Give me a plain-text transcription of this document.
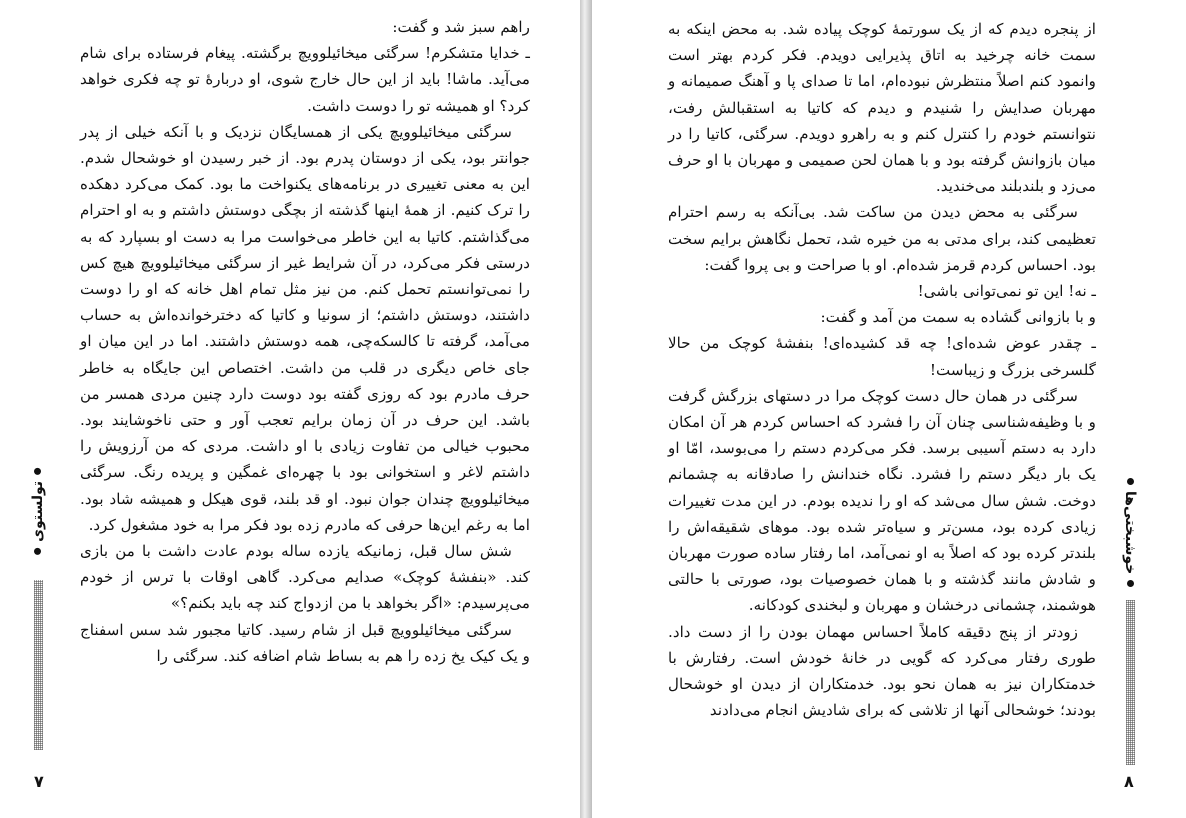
راهم سبز شد و گفت:

ـ خدایا متشکرم! سرگئی میخائیلوویچ برگشته. پیغام فرستاده برای شام می‌آید. ماشا! باید از این حال خارج شوی، او دربارهٔ تو چه فکری خواهد کرد؟ او همیشه تو را دوست داشت.

سرگئی میخائیلوویچ یکی از همسایگان نزدیک و با آنکه خیلی از پدر جوانتر بود، یکی از دوستان پدرم بود. از خبر رسیدن او خوشحال شدم. این به معنی تغییری در برنامه‌های یکنواخت ما بود. کمک می‌کرد دهکده را ترک کنیم. از همهٔ اینها گذشته از بچگی دوستش داشتم و به او احترام می‌گذاشتم. کاتیا به این خاطر می‌خواست مرا به دست او بسپارد که به درستی فکر می‌کرد، در آن شرایط غیر از سرگئی میخائیلوویچ هیچ کس را نمی‌توانستم تحمل کنم. من نیز مثل تمام اهل خانه که او را دوست داشتند، دوستش داشتم؛ از سونیا و کاتیا که دخترخوانده‌اش به حساب می‌آمد، گرفته تا کالسکه‌چی، همه دوستش داشتند. اما در این میان او جای خاص دیگری در قلب من داشت. اختصاص این جایگاه به خاطر حرف مادرم بود که روزی گفته بود دوست دارد چنین مردی همسر من باشد. این حرف در آن زمان برایم تعجب آور و حتی ناخوشایند بود. محبوب خیالی من تفاوت زیادی با او داشت. مردی که من آرزویش را داشتم لاغر و استخوانی بود با چهره‌ای غمگین و پریده رنگ. سرگئی میخائیلوویچ چندان جوان نبود. او قد بلند، قوی هیکل و همیشه شاد بود. اما به رغم این‌ها حرفی که مادرم زده بود فکر مرا به خود مشغول کرد.

شش سال قبل، زمانیکه یازده ساله بودم عادت داشت با من بازی کند. «بنفشهٔ کوچک» صدایم می‌کرد. گاهی اوقات با ترس از خودم می‌پرسیدم: «اگر بخواهد با من ازدواج کند چه باید بکنم؟»

سرگئی میخائیلوویچ قبل از شام رسید. کاتیا مجبور شد سس اسفناج و یک کیک یخ زده را هم به بساط شام اضافه کند. سرگئی را

تولستوی
۷

از پنجره دیدم که از یک سورتمهٔ کوچک پیاده شد. به محض اینکه به سمت خانه چرخید به اتاق پذیرایی دویدم. فکر کردم بهتر است وانمود کنم اصلاً منتظرش نبوده‌ام، اما تا صدای پا و آهنگ صمیمانه و مهربان صدایش را شنیدم و دیدم که کاتیا به استقبالش رفت، نتوانستم خودم را کنترل کنم و به راهرو دویدم. سرگئی، کاتیا را در میان بازوانش گرفته بود و با همان لحن صمیمی و مهربان با او حرف می‌زد و بلندبلند می‌خندید.

سرگئی به محض دیدن من ساکت شد. بی‌آنکه به رسم احترام تعظیمی کند، برای مدتی به من خیره شد، تحمل نگاهش برایم سخت بود. احساس کردم قرمز شده‌ام. او با صراحت و بی پروا گفت:

ـ نه! این تو نمی‌توانی باشی!

و با بازوانی گشاده به سمت من آمد و گفت:

ـ چقدر عوض شده‌ای! چه قد کشیده‌ای! بنفشهٔ کوچک من حالا گلسرخی بزرگ و زیباست!

سرگئی در همان حال دست کوچک مرا در دستهای بزرگش گرفت و با وظیفه‌شناسی چنان آن را فشرد که احساس کردم هر آن امکان دارد به دستم آسیبی برسد. فکر می‌کردم دستم را می‌بوسد، امّا او یک بار دیگر دستم را فشرد. نگاه خندانش را صادقانه به چشمانم دوخت. شش سال می‌شد که او را ندیده بودم. در این مدت تغییرات زیادی کرده بود، مسن‌تر و سیاه‌تر شده بود. موهای شقیقه‌اش را بلندتر کرده بود که اصلاً به او نمی‌آمد، اما رفتار ساده صورت مهربان و شادش مانند گذشته و با همان خصوصیات بود، صورتی با حالتی هوشمند، چشمانی درخشان و مهربان و لبخندی کودکانه.

زودتر از پنج دقیقه کاملاً احساس مهمان بودن را از دست داد. طوری رفتار می‌کرد که گویی در خانهٔ خودش است. رفتارش با خدمتکاران نیز به همان نحو بود. خدمتکاران از دیدن او خوشحال بودند؛ خوشحالی آنها از تلاشی که برای شادیش انجام می‌دادند

خوشبختی‌ها
۸
